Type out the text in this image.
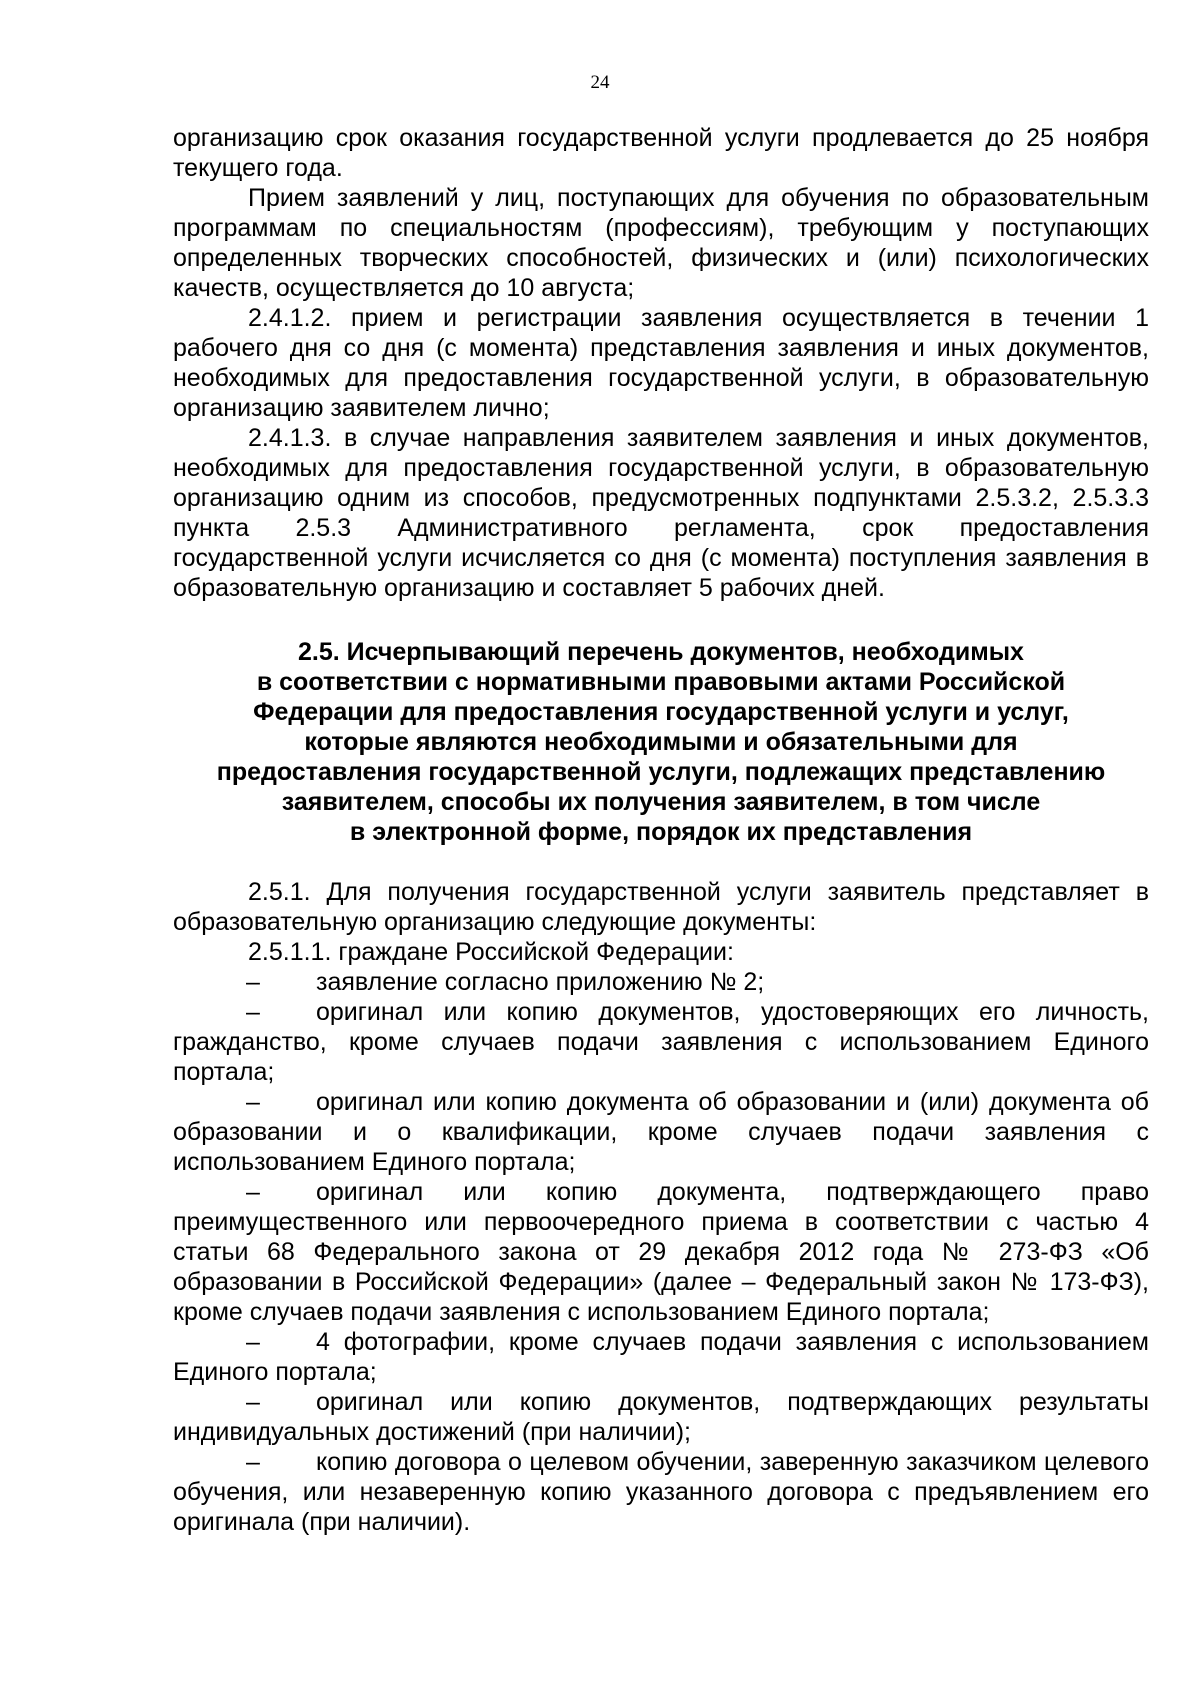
24

организацию срок оказания государственной услуги продлевается до 25 ноября текущего года.

Прием заявлений у лиц, поступающих для обучения по образовательным программам по специальностям (профессиям), требующим у поступающих определенных творческих способностей, физических и (или) психологических качеств, осуществляется до 10 августа;

2.4.1.2. прием и регистрации заявления осуществляется в течении 1 рабочего дня со дня (с момента) представления заявления и иных документов, необходимых для предоставления государственной услуги, в образовательную организацию заявителем лично;

2.4.1.3. в случае направления заявителем заявления и иных документов, необходимых для предоставления государственной услуги, в образовательную организацию одним из способов, предусмотренных подпунктами 2.5.3.2, 2.5.3.3 пункта 2.5.3 Административного регламента, срок предоставления государственной услуги исчисляется со дня (с момента) поступления заявления в образовательную организацию и составляет 5 рабочих дней.

2.5. Исчерпывающий перечень документов, необходимых
в соответствии с нормативными правовыми актами Российской
Федерации для предоставления государственной услуги и услуг,
которые являются необходимыми и обязательными для
предоставления государственной услуги, подлежащих представлению
заявителем, способы их получения заявителем, в том числе
в электронной форме, порядок их представления

2.5.1. Для получения государственной услуги заявитель представляет в образовательную организацию следующие документы:

2.5.1.1. граждане Российской Федерации:

– заявление согласно приложению № 2;

– оригинал или копию документов, удостоверяющих его личность, гражданство, кроме случаев подачи заявления с использованием Единого портала;

– оригинал или копию документа об образовании и (или) документа об образовании и о квалификации, кроме случаев подачи заявления с использованием Единого портала;

– оригинал или копию документа, подтверждающего право преимущественного или первоочередного приема в соответствии с частью 4 статьи 68 Федерального закона от 29 декабря 2012 года № 273-ФЗ «Об образовании в Российской Федерации» (далее – Федеральный закон № 173-ФЗ), кроме случаев подачи заявления с использованием Единого портала;

– 4 фотографии, кроме случаев подачи заявления с использованием Единого портала;

– оригинал или копию документов, подтверждающих результаты индивидуальных достижений (при наличии);

– копию договора о целевом обучении, заверенную заказчиком целевого обучения, или незаверенную копию указанного договора с предъявлением его оригинала (при наличии).
